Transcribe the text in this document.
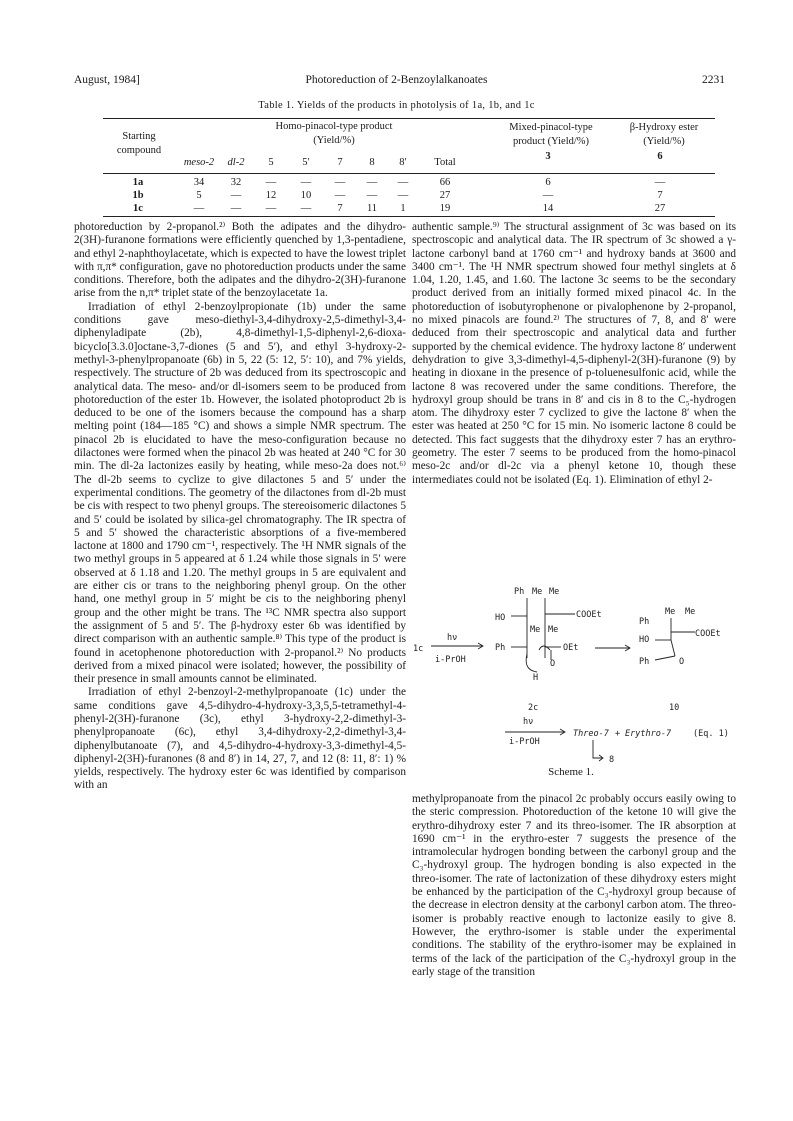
August, 1984]	Photoreduction of 2-Benzoylalkanoates	2231
Table 1. Yields of the products in photolysis of 1a, 1b, and 1c
Starting compound
Homo-pinacol-type product
(Yield/%)
Mixed-pinacol-type product (Yield/%)
β-Hydroxy ester (Yield/%)
meso-2	dl-2	5	5′	7	8	8′	Total
3	6
1a	34	32	—	—	—	—	—	66	6	—
1b	5	—	12	10	—	—	—	27	—	7
1c	—	—	—	—	7	11	1	19	14	27

photoreduction by 2-propanol.²⁾ Both the adipates and the dihydro-2(3H)-furanone formations were efficiently quenched by 1,3-pentadiene, and ethyl 2-naphthoylacetate, which is expected to have the lowest triplet with π,π* configuration, gave no photoreduction products under the same conditions. Therefore, both the adipates and the dihydro-2(3H)-furanone arise from the n,π* triplet state of the benzoylacetate 1a.

Irradiation of ethyl 2-benzoylpropionate (1b) under the same conditions gave meso-diethyl-3,4-dihydroxy-2,5-dimethyl-3,4-diphenyladipate (2b), 4,8-dimethyl-1,5-diphenyl-2,6-dioxa-bicyclo[3.3.0]octane-3,7-diones (5 and 5′), and ethyl 3-hydroxy-2-methyl-3-phenylpropanoate (6b) in 5, 22 (5: 12, 5′: 10), and 7% yields, respectively. The structure of 2b was deduced from its spectroscopic and analytical data. The meso- and/or dl-isomers seem to be produced from photoreduction of the ester 1b. However, the isolated photoproduct 2b is deduced to be one of the isomers because the compound has a sharp melting point (184—185 °C) and shows a simple NMR spectrum. The pinacol 2b is elucidated to have the meso-configuration because no dilactones were formed when the pinacol 2b was heated at 240 °C for 30 min. The dl-2a lactonizes easily by heating, while meso-2a does not.⁶⁾ The dl-2b seems to cyclize to give dilactones 5 and 5′ under the experimental conditions. The geometry of the dilactones from dl-2b must be cis with respect to two phenyl groups. The stereoisomeric dilactones 5 and 5′ could be isolated by silica-gel chromatography. The IR spectra of 5 and 5′ showed the characteristic absorptions of a five-membered lactone at 1800 and 1790 cm⁻¹, respectively. The ¹H NMR signals of the two methyl groups in 5 appeared at δ 1.24 while those signals in 5′ were observed at δ 1.18 and 1.20. The methyl groups in 5 are equivalent and are either cis or trans to the neighboring phenyl group. On the other hand, one methyl group in 5′ might be cis to the neighboring phenyl group and the other might be trans. The ¹³C NMR spectra also support the assignment of 5 and 5′. The β-hydroxy ester 6b was identified by direct comparison with an authentic sample.⁸⁾ This type of the product is found in acetophenone photoreduction with 2-propanol.²⁾ No products derived from a mixed pinacol were isolated; however, the possibility of their presence in small amounts cannot be eliminated.

Irradiation of ethyl 2-benzoyl-2-methylpropanoate (1c) under the same conditions gave 4,5-dihydro-4-hydroxy-3,3,5,5-tetramethyl-4-phenyl-2(3H)-furanone (3c), ethyl 3-hydroxy-2,2-dimethyl-3-phenylpropanoate (6c), ethyl 3,4-dihydroxy-2,2-dimethyl-3,4-diphenylbutanoate (7), and 4,5-dihydro-4-hydroxy-3,3-dimethyl-4,5-diphenyl-2(3H)-furanones (8 and 8′) in 14, 27, 7, and 12 (8: 11, 8′: 1) % yields, respectively. The hydroxy ester 6c was identified by comparison with an

authentic sample.⁹⁾ The structural assignment of 3c was based on its spectroscopic and analytical data. The IR spectrum of 3c showed a γ-lactone carbonyl band at 1760 cm⁻¹ and hydroxy bands at 3600 and 3400 cm⁻¹. The ¹H NMR spectrum showed four methyl singlets at δ 1.04, 1.20, 1.45, and 1.60. The lactone 3c seems to be the secondary product derived from an initially formed mixed pinacol 4c. In the photoreduction of isobutyrophenone or pivalophenone by 2-propanol, no mixed pinacols are found.²⁾ The structures of 7, 8, and 8′ were deduced from their spectroscopic and analytical data and further supported by the chemical evidence. The hydroxy lactone 8′ underwent dehydration to give 3,3-dimethyl-4,5-diphenyl-2(3H)-furanone (9) by heating in dioxane in the presence of p-toluenesulfonic acid, while the lactone 8 was recovered under the same conditions. Therefore, the hydroxyl group should be trans in 8′ and cis in 8 to the C₅-hydrogen atom. The dihydroxy ester 7 cyclized to give the lactone 8′ when the ester was heated at 250 °C for 15 min. No isomeric lactone 8 could be detected. This fact suggests that the dihydroxy ester 7 has an erythro-geometry. The ester 7 seems to be produced from the homo-pinacol meso-2c and/or dl-2c via a phenyl ketone 10, though these intermediates could not be isolated (Eq. 1). Elimination of ethyl 2-

1c
hν
i-PrOH
Ph Me Me
HO	COOEt
Me Me
Ph	OEt
O
H
2c
Me Me
Ph
COOEt
HO
Ph	O
10
hν
i-PrOH
Threo-7 + Erythro-7	(Eq. 1)
8
Scheme 1.

methylpropanoate from the pinacol 2c probably occurs easily owing to the steric compression. Photoreduction of the ketone 10 will give the erythro-dihydroxy ester 7 and its threo-isomer. The IR absorption at 1690 cm⁻¹ in the erythro-ester 7 suggests the presence of the intramolecular hydrogen bonding between the carbonyl group and the C₃-hydroxyl group. The hydrogen bonding is also expected in the threo-isomer. The rate of lactonization of these dihydroxy esters might be enhanced by the participation of the C₃-hydroxyl group because of the decrease in electron density at the carbonyl carbon atom. The threo-isomer is probably reactive enough to lactonize easily to give 8. However, the erythro-isomer is stable under the experimental conditions. The stability of the erythro-isomer may be explained in terms of the lack of the participation of the C₃-hydroxyl group in the early stage of the transition
